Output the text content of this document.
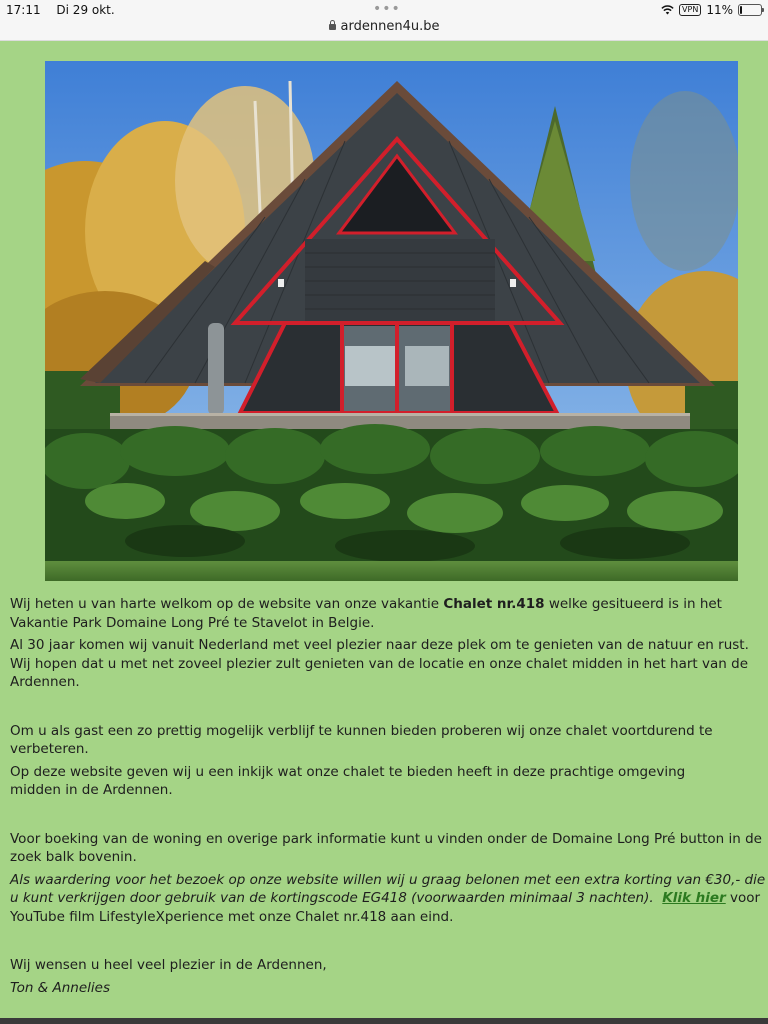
17:11 Di 29 okt.	•••	VPN 11%
ardennen4u.be

Wij heten u van harte welkom op de website van onze vakantie Chalet nr.418 welke gesitueerd is in het Vakantie Park Domaine Long Pré te Stavelot in Belgie.

Al 30 jaar komen wij vanuit Nederland met veel plezier naar deze plek om te genieten van de natuur en rust. Wij hopen dat u met net zoveel plezier zult genieten van de locatie en onze chalet midden in het hart van de Ardennen.

Om u als gast een zo prettig mogelijk verblijf te kunnen bieden proberen wij onze chalet voortdurend te verbeteren.

Op deze website geven wij u een inkijk wat onze chalet te bieden heeft in deze prachtige omgeving midden in de Ardennen.

Voor boeking van de woning en overige park informatie kunt u vinden onder de Domaine Long Pré button in de zoek balk bovenin.

Als waardering voor het bezoek op onze website willen wij u graag belonen met een extra korting van €30,- die u kunt verkrijgen door gebruik van de kortingscode EG418 (voorwaarden minimaal 3 nachten). Klik hier voor YouTube film LifestyleXperience met onze Chalet nr.418 aan eind.

Wij wensen u heel veel plezier in de Ardennen,

Ton & Annelies
